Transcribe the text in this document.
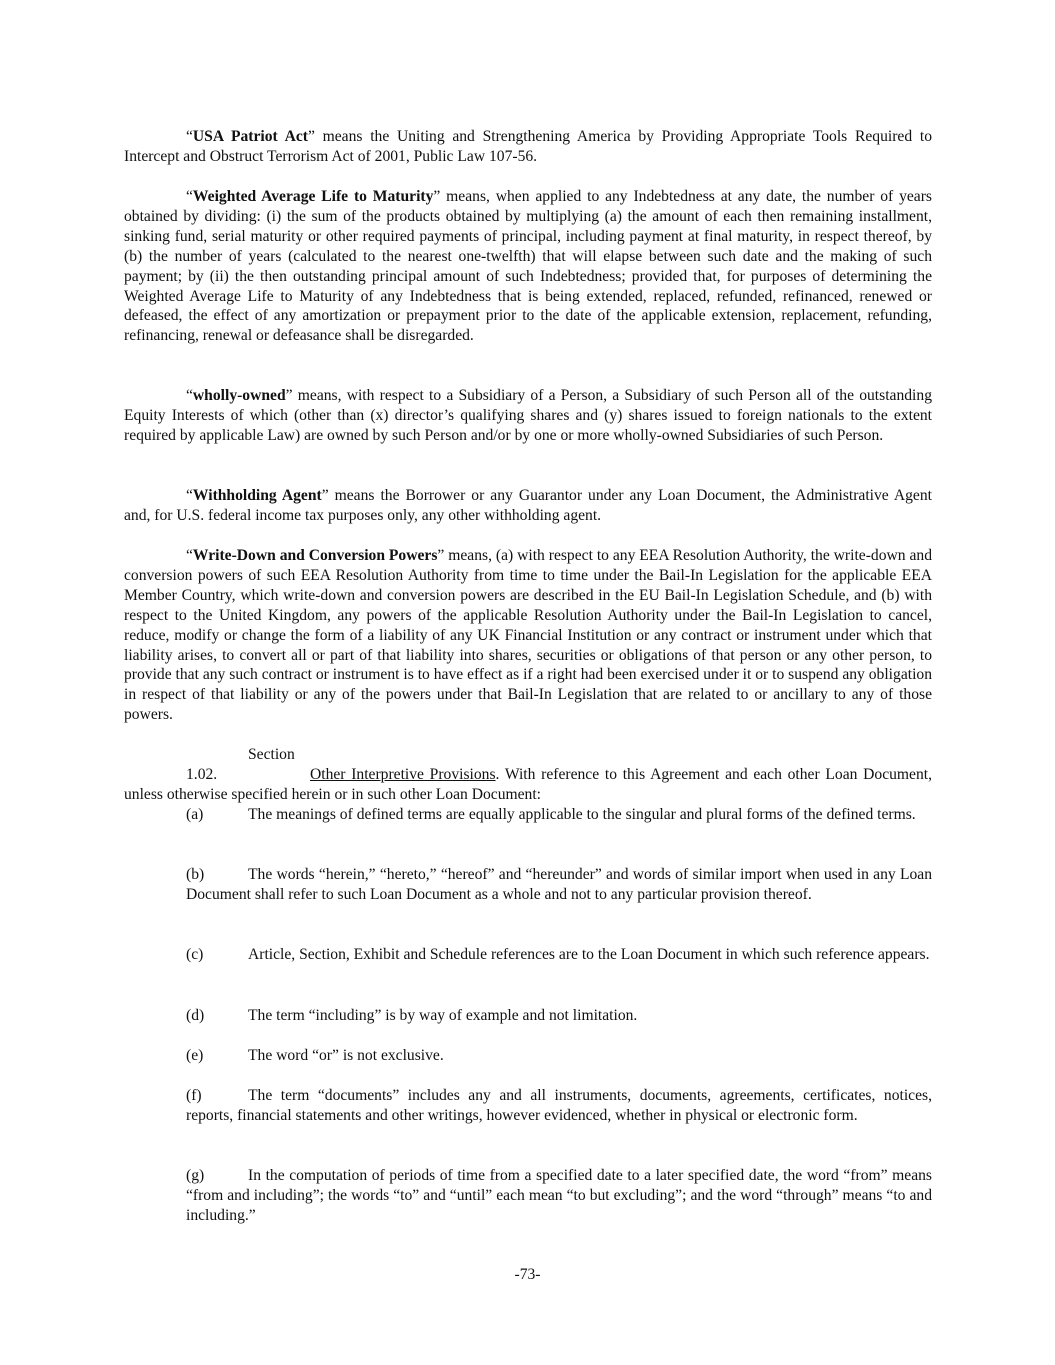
“USA Patriot Act” means the Uniting and Strengthening America by Providing Appropriate Tools Required to Intercept and Obstruct Terrorism Act of 2001, Public Law 107-56.

“Weighted Average Life to Maturity” means, when applied to any Indebtedness at any date, the number of years obtained by dividing: (i) the sum of the products obtained by multiplying (a) the amount of each then remaining installment, sinking fund, serial maturity or other required payments of principal, including payment at final maturity, in respect thereof, by (b) the number of years (calculated to the nearest one-twelfth) that will elapse between such date and the making of such payment; by (ii) the then outstanding principal amount of such Indebtedness; provided that, for purposes of determining the Weighted Average Life to Maturity of any Indebtedness that is being extended, replaced, refunded, refinanced, renewed or defeased, the effect of any amortization or prepayment prior to the date of the applicable extension, replacement, refunding, refinancing, renewal or defeasance shall be disregarded.

“wholly-owned” means, with respect to a Subsidiary of a Person, a Subsidiary of such Person all of the outstanding Equity Interests of which (other than (x) director’s qualifying shares and (y) shares issued to foreign nationals to the extent required by applicable Law) are owned by such Person and/or by one or more wholly-owned Subsidiaries of such Person.

“Withholding Agent” means the Borrower or any Guarantor under any Loan Document, the Administrative Agent and, for U.S. federal income tax purposes only, any other withholding agent.

“Write-Down and Conversion Powers” means, (a) with respect to any EEA Resolution Authority, the write-down and conversion powers of such EEA Resolution Authority from time to time under the Bail-In Legislation for the applicable EEA Member Country, which write-down and conversion powers are described in the EU Bail-In Legislation Schedule, and (b) with respect to the United Kingdom, any powers of the applicable Resolution Authority under the Bail-In Legislation to cancel, reduce, modify or change the form of a liability of any UK Financial Institution or any contract or instrument under which that liability arises, to convert all or part of that liability into shares, securities or obligations of that person or any other person, to provide that any such contract or instrument is to have effect as if a right had been exercised under it or to suspend any obligation in respect of that liability or any of the powers under that Bail-In Legislation that are related to or ancillary to any of those powers.

Section 1.02.	Other Interpretive Provisions. With reference to this Agreement and each other Loan Document, unless otherwise specified herein or in such other Loan Document:

(a)	The meanings of defined terms are equally applicable to the singular and plural forms of the defined terms.

(b)	The words “herein,” “hereto,” “hereof” and “hereunder” and words of similar import when used in any Loan Document shall refer to such Loan Document as a whole and not to any particular provision thereof.

(c)	Article, Section, Exhibit and Schedule references are to the Loan Document in which such reference appears.

(d)	The term “including” is by way of example and not limitation.

(e)	The word “or” is not exclusive.

(f)	The term “documents” includes any and all instruments, documents, agreements, certificates, notices, reports, financial statements and other writings, however evidenced, whether in physical or electronic form.

(g)	In the computation of periods of time from a specified date to a later specified date, the word “from” means “from and including”; the words “to” and “until” each mean “to but excluding”; and the word “through” means “to and including.”

-73-
